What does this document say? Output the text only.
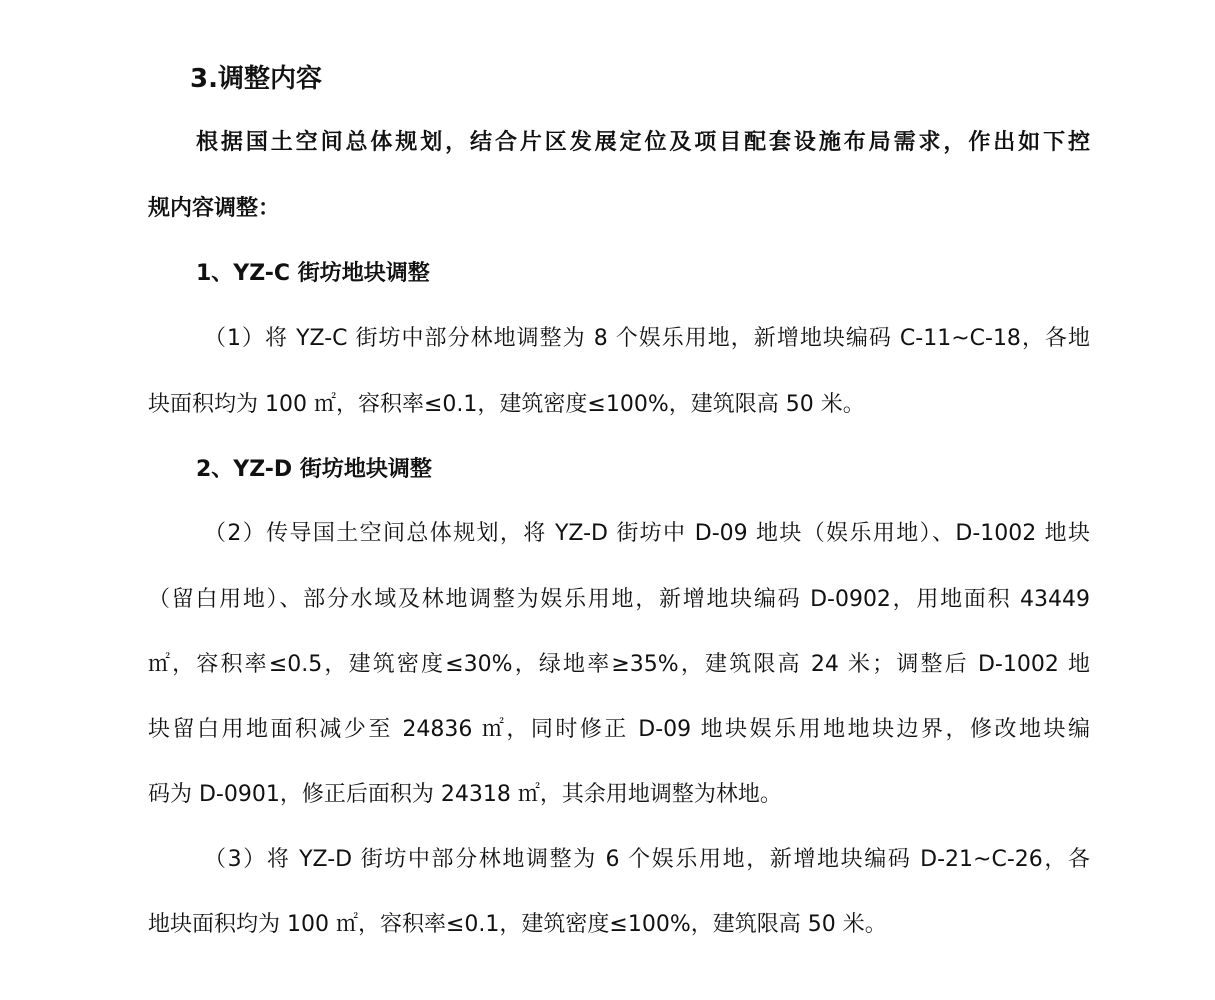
3.调整内容

根据国土空间总体规划，结合片区发展定位及项目配套设施布局需求，作出如下控

规内容调整：

1、YZ-C 街坊地块调整

（1）将 YZ-C 街坊中部分林地调整为 8 个娱乐用地，新增地块编码 C-11~C-18，各地

块面积均为 100 ㎡，容积率≤0.1，建筑密度≤100%，建筑限高 50 米。

2、YZ-D 街坊地块调整

（2）传导国土空间总体规划，将 YZ-D 街坊中 D-09 地块（娱乐用地）、D-1002 地块

（留白用地）、部分水域及林地调整为娱乐用地，新增地块编码 D-0902，用地面积 43449

㎡，容积率≤0.5，建筑密度≤30%，绿地率≥35%，建筑限高 24 米；调整后 D-1002 地

块留白用地面积减少至 24836 ㎡，同时修正 D-09 地块娱乐用地地块边界，修改地块编

码为 D-0901，修正后面积为 24318 ㎡，其余用地调整为林地。

（3）将 YZ-D 街坊中部分林地调整为 6 个娱乐用地，新增地块编码 D-21~C-26，各

地块面积均为 100 ㎡，容积率≤0.1，建筑密度≤100%，建筑限高 50 米。
